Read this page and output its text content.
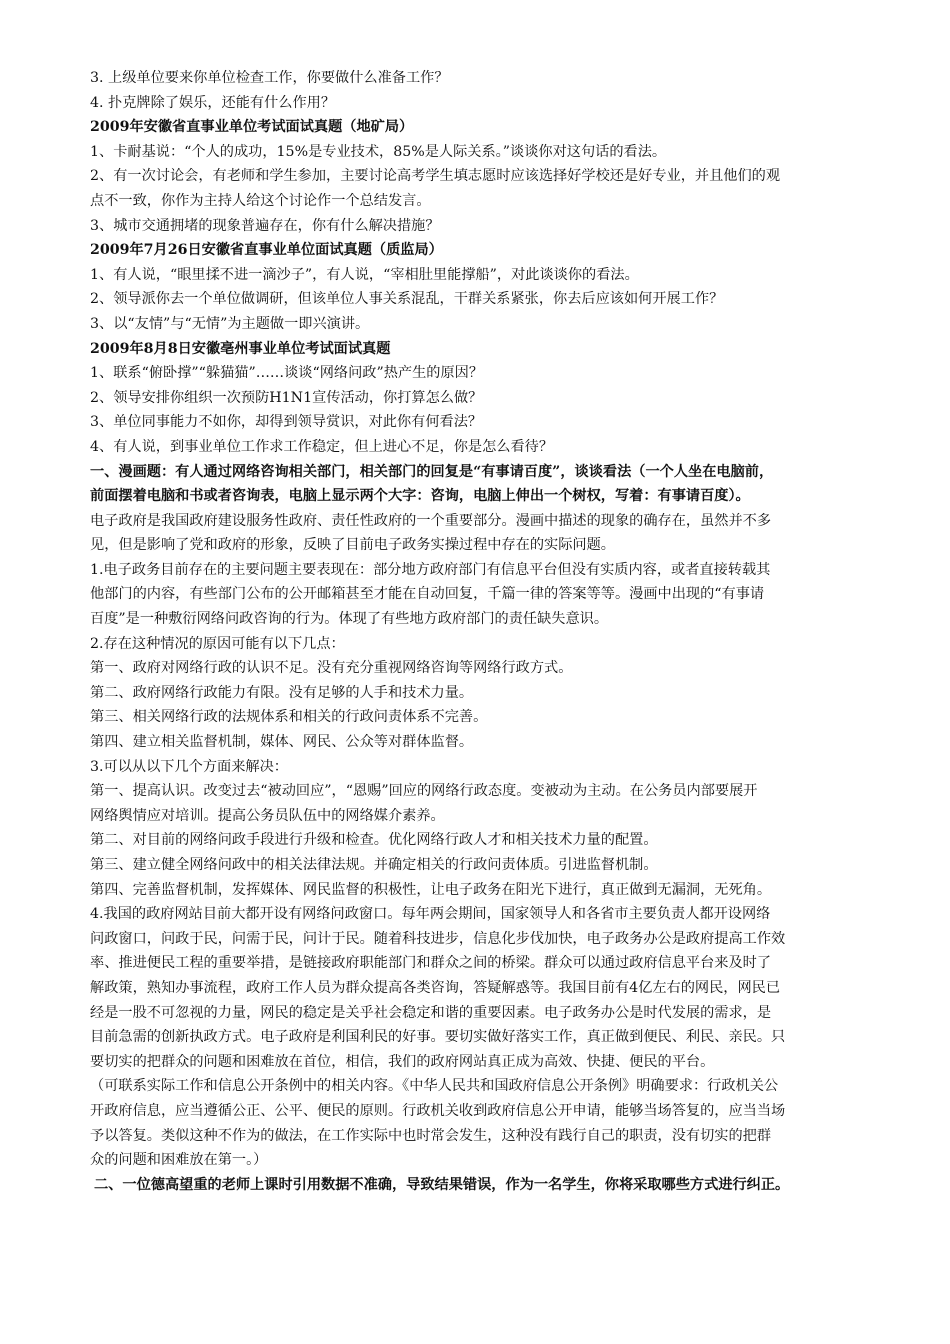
3. 上级单位要来你单位检查工作，你要做什么准备工作？
4. 扑克牌除了娱乐，还能有什么作用？
2009年安徽省直事业单位考试面试真题（地矿局）
1、卡耐基说：“个人的成功，15%是专业技术，85%是人际关系。”谈谈你对这句话的看法。
2、有一次讨论会，有老师和学生参加，主要讨论高考学生填志愿时应该选择好学校还是好专业，并且他们的观
点不一致，你作为主持人给这个讨论作一个总结发言。
3、城市交通拥堵的现象普遍存在，你有什么解决措施？
2009年7月26日安徽省直事业单位面试真题（质监局）
1、有人说，“眼里揉不进一滴沙子”，有人说，“宰相肚里能撑船”，对此谈谈你的看法。
2、领导派你去一个单位做调研，但该单位人事关系混乱，干群关系紧张，你去后应该如何开展工作？
3、以“友情”与“无情”为主题做一即兴演讲。
2009年8月8日安徽亳州事业单位考试面试真题
1、联系“俯卧撑”“躲猫猫”……谈谈“网络问政”热产生的原因？
2、领导安排你组织一次预防H1N1宣传活动，你打算怎么做？
3、单位同事能力不如你，却得到领导赏识，对此你有何看法？
4、有人说，到事业单位工作求工作稳定，但上进心不足，你是怎么看待？
一、漫画题：有人通过网络咨询相关部门，相关部门的回复是“有事请百度”，谈谈看法（一个人坐在电脑前，
前面摆着电脑和书或者咨询表，电脑上显示两个大字：咨询，电脑上伸出一个树权，写着：有事请百度）。
电子政府是我国政府建设服务性政府、责任性政府的一个重要部分。漫画中描述的现象的确存在，虽然并不多
见，但是影响了党和政府的形象，反映了目前电子政务实操过程中存在的实际问题。
1.电子政务目前存在的主要问题主要表现在：部分地方政府部门有信息平台但没有实质内容，或者直接转载其
他部门的内容，有些部门公布的公开邮箱甚至才能在自动回复，千篇一律的答案等等。漫画中出现的“有事请
百度”是一种敷衍网络问政咨询的行为。体现了有些地方政府部门的责任缺失意识。
2.存在这种情况的原因可能有以下几点：
第一、政府对网络行政的认识不足。没有充分重视网络咨询等网络行政方式。
第二、政府网络行政能力有限。没有足够的人手和技术力量。
第三、相关网络行政的法规体系和相关的行政问责体系不完善。
第四、建立相关监督机制，媒体、网民、公众等对群体监督。
3.可以从以下几个方面来解决：
第一、提高认识。改变过去“被动回应”，“恩赐”回应的网络行政态度。变被动为主动。在公务员内部要展开
网络舆情应对培训。提高公务员队伍中的网络媒介素养。
第二、对目前的网络问政手段进行升级和检查。优化网络行政人才和相关技术力量的配置。
第三、建立健全网络问政中的相关法律法规。并确定相关的行政问责体质。引进监督机制。
第四、完善监督机制，发挥媒体、网民监督的积极性，让电子政务在阳光下进行，真正做到无漏洞，无死角。
4.我国的政府网站目前大都开设有网络问政窗口。每年两会期间，国家领导人和各省市主要负责人都开设网络
问政窗口，问政于民，问需于民，问计于民。随着科技进步，信息化步伐加快，电子政务办公是政府提高工作效
率、推进便民工程的重要举措，是链接政府职能部门和群众之间的桥梁。群众可以通过政府信息平台来及时了
解政策，熟知办事流程，政府工作人员为群众提高各类咨询，答疑解惑等。我国目前有4亿左右的网民，网民已
经是一股不可忽视的力量，网民的稳定是关乎社会稳定和谐的重要因素。电子政务办公是时代发展的需求，是
目前急需的创新执政方式。电子政府是利国利民的好事。要切实做好落实工作，真正做到便民、利民、亲民。只
要切实的把群众的问题和困难放在首位，相信，我们的政府网站真正成为高效、快捷、便民的平台。
（可联系实际工作和信息公开条例中的相关内容。《中华人民共和国政府信息公开条例》明确要求：行政机关公
开政府信息，应当遵循公正、公平、便民的原则。行政机关收到政府信息公开申请，能够当场答复的，应当当场
予以答复。类似这种不作为的做法，在工作实际中也时常会发生，这种没有践行自己的职责，没有切实的把群
众的问题和困难放在第一。）
二、一位德高望重的老师上课时引用数据不准确，导致结果错误，作为一名学生，你将采取哪些方式进行纠正。
